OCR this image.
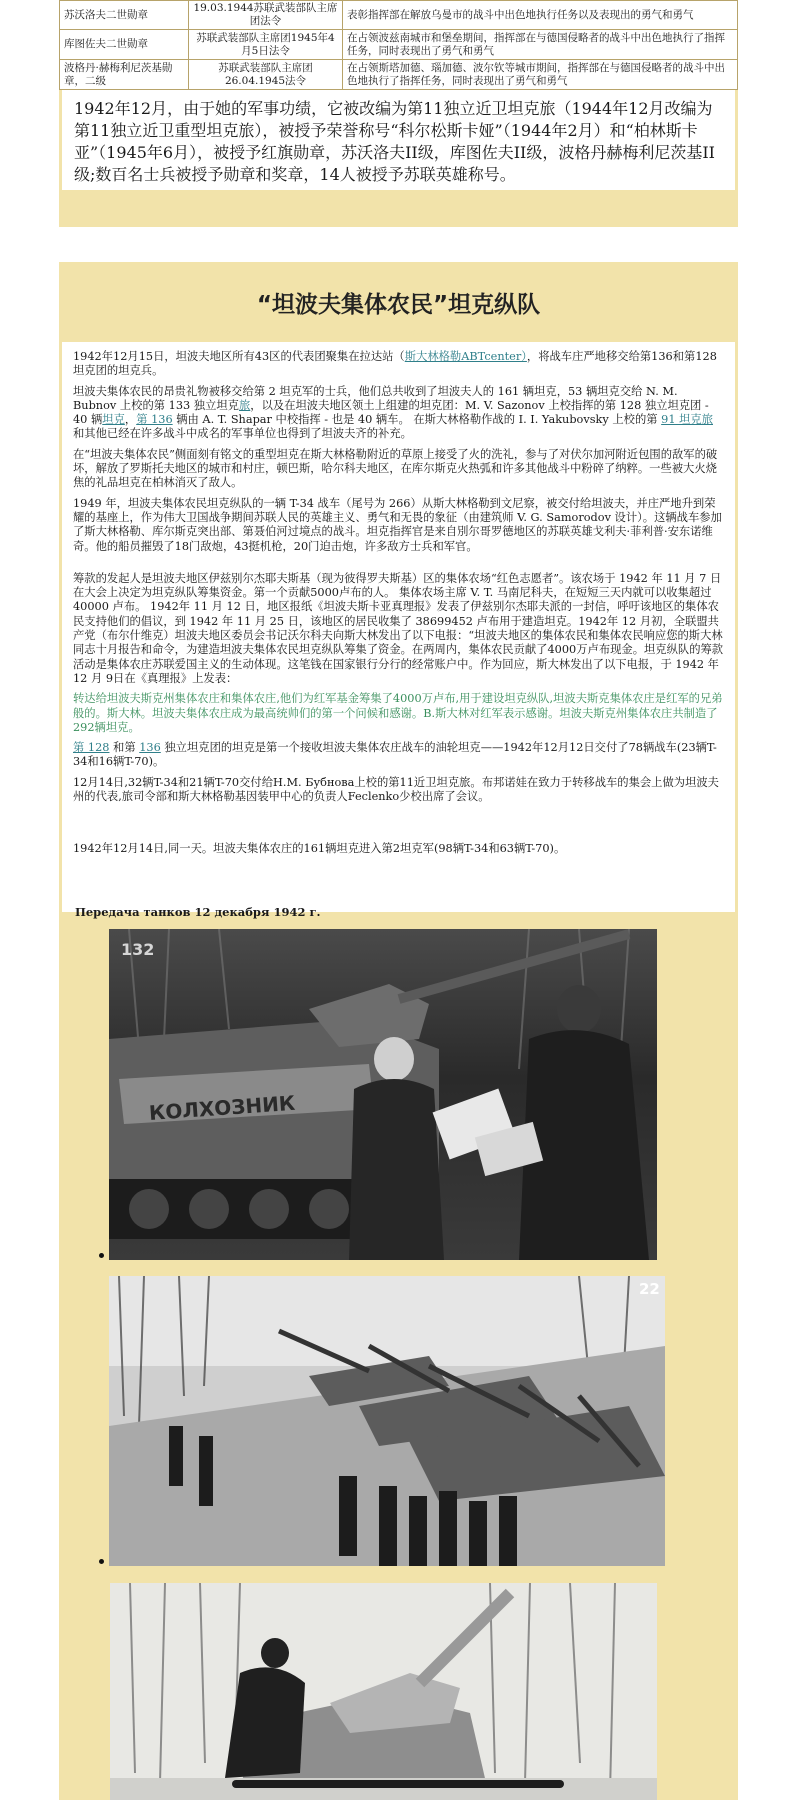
苏沃洛夫二世勋章	19.03.1944苏联武装部队主席团法令	表彰指挥部在解放乌曼市的战斗中出色地执行任务以及表现出的勇气和勇气
库图佐夫二世勋章	苏联武装部队主席团1945年4月5日法令	在占领波兹南城市和堡垒期间，指挥部在与德国侵略者的战斗中出色地执行了指挥任务，同时表现出了勇气和勇气
波格丹·赫梅利尼茨基勋章，二级	苏联武装部队主席团 26.04.1945法令	在占领斯塔加德、瑙加德、波尔钦等城市期间，指挥部在与德国侵略者的战斗中出色地执行了指挥任务，同时表现出了勇气和勇气
1942年12月，由于她的军事功绩，它被改编为第11独立近卫坦克旅（1944年12月改编为第11独立近卫重型坦克旅），被授予荣誉称号“科尔松斯卡娅”（1944年2月）和“柏林斯卡亚”（1945年6月），被授予红旗勋章，苏沃洛夫II级，库图佐夫II级，波格丹赫梅利尼茨基II级;数百名士兵被授予勋章和奖章，14人被授予苏联英雄称号。
“坦波夫集体农民”坦克纵队

1942年12月15日，坦波夫地区所有43区的代表团聚集在拉达站（斯大林格勒ABTcenter），将战车庄严地移交给第136和第128坦克团的坦克兵。

坦波夫集体农民的昂贵礼物被移交给第 2 坦克军的士兵，他们总共收到了坦波夫人的 161 辆坦克，53 辆坦克交给 N. M. Bubnov 上校的第 133 独立坦克旅，以及在坦波夫地区领土上组建的坦克团：M. V. Sazonov 上校指挥的第 128 独立坦克团 - 40 辆坦克，第 136 辆由 A. T. Shapar 中校指挥 - 也是 40 辆车。 在斯大林格勒作战的 I. I. Yakubovsky 上校的第 91 坦克旅和其他已经在许多战斗中成名的军事单位也得到了坦波夫齐的补充。

在“坦波夫集体农民”侧面刻有铭文的重型坦克在斯大林格勒附近的草原上接受了火的洗礼，参与了对伏尔加河附近包围的敌军的破坏，解放了罗斯托夫地区的城市和村庄，顿巴斯，哈尔科夫地区，在库尔斯克火热弧和许多其他战斗中粉碎了纳粹。一些被大火烧焦的礼品坦克在柏林消灭了敌人。

1949 年，坦波夫集体农民坦克纵队的一辆 T-34 战车（尾号为 266）从斯大林格勒到文尼察，被交付给坦波夫，并庄严地升到荣耀的基座上，作为伟大卫国战争期间苏联人民的英雄主义、勇气和无畏的象征（由建筑师 V. G. Samorodov 设计）。这辆战车参加了斯大林格勒、库尔斯克突出部、第聂伯河过境点的战斗。坦克指挥官是来自別尔哥罗德地区的苏联英雄戈利夫·菲利普·安东诺维奇。他的船员摧毁了18门敌炮，43挺机枪，20门迫击炮，许多敌方士兵和军官。

筹款的发起人是坦波夫地区伊兹别尔杰耶夫斯基（现为彼得罗夫斯基）区的集体农场“红色志愿者”。该农场于 1942 年 11 月 7 日在大会上决定为坦克纵队筹集资金。第一个贡献5000卢布的人。 集体农场主席 V. T. 马南尼科夫，在短短三天内就可以收集超过 40000 卢布。 1942年 11 月 12 日，地区报纸《坦波夫斯卡亚真理报》发表了伊兹别尔杰耶夫派的一封信，呼吁该地区的集体农民支持他们的倡议，到 1942 年 11 月 25 日，该地区的居民收集了 38699452 卢布用于建造坦克。1942年 12 月初，全联盟共产党（布尔什维克）坦波夫地区委员会书记沃尔科夫向斯大林发出了以下电报：“坦波夫地区的集体农民和集体农民响应您的斯大林同志十月报告和命令，为建造坦波夫集体农民坦克纵队筹集了资金。在两周内，集体农民贡献了4000万卢布现金。坦克纵队的筹款活动是集体农庄苏联爱国主义的生动体现。这笔钱在国家银行分行的经常账户中。作为回应，斯大林发出了以下电报，于 1942 年 12 月 9日在《真理报》上发表：

转达给坦波夫斯克州集体农庄和集体农庄,他们为红军基金筹集了4000万卢布,用于建设坦克纵队,坦波夫斯克集体农庄是红军的兄弟般的。斯大林。坦波夫集体农庄成为最高统帅们的第一个问候和感谢。B.斯大林对红军表示感谢。坦波夫斯克州集体农庄共制造了292辆坦克。

第 128 和第 136 独立坦克团的坦克是第一个接收坦波夫集体农庄战车的油轮坦克——1942年12月12日交付了78辆战车(23辆T-34和16辆T-70)。

12月14日,32辆T-34和21辆T-70交付给H.M. Бубнова上校的第11近卫坦克旅。布邦诺娃在致力于转移战车的集会上做为坦波夫州的代表,旅司令部和斯大林格勒基因装甲中心的负责人Feclenko少校出席了会议。

1942年12月14日,同一天。坦波夫集体农庄的161辆坦克进入第2坦克军(98辆T-34和63辆T-70)。

Передача танков 12 декабря 1942 г.
132
КОЛХОЗНИК
22
